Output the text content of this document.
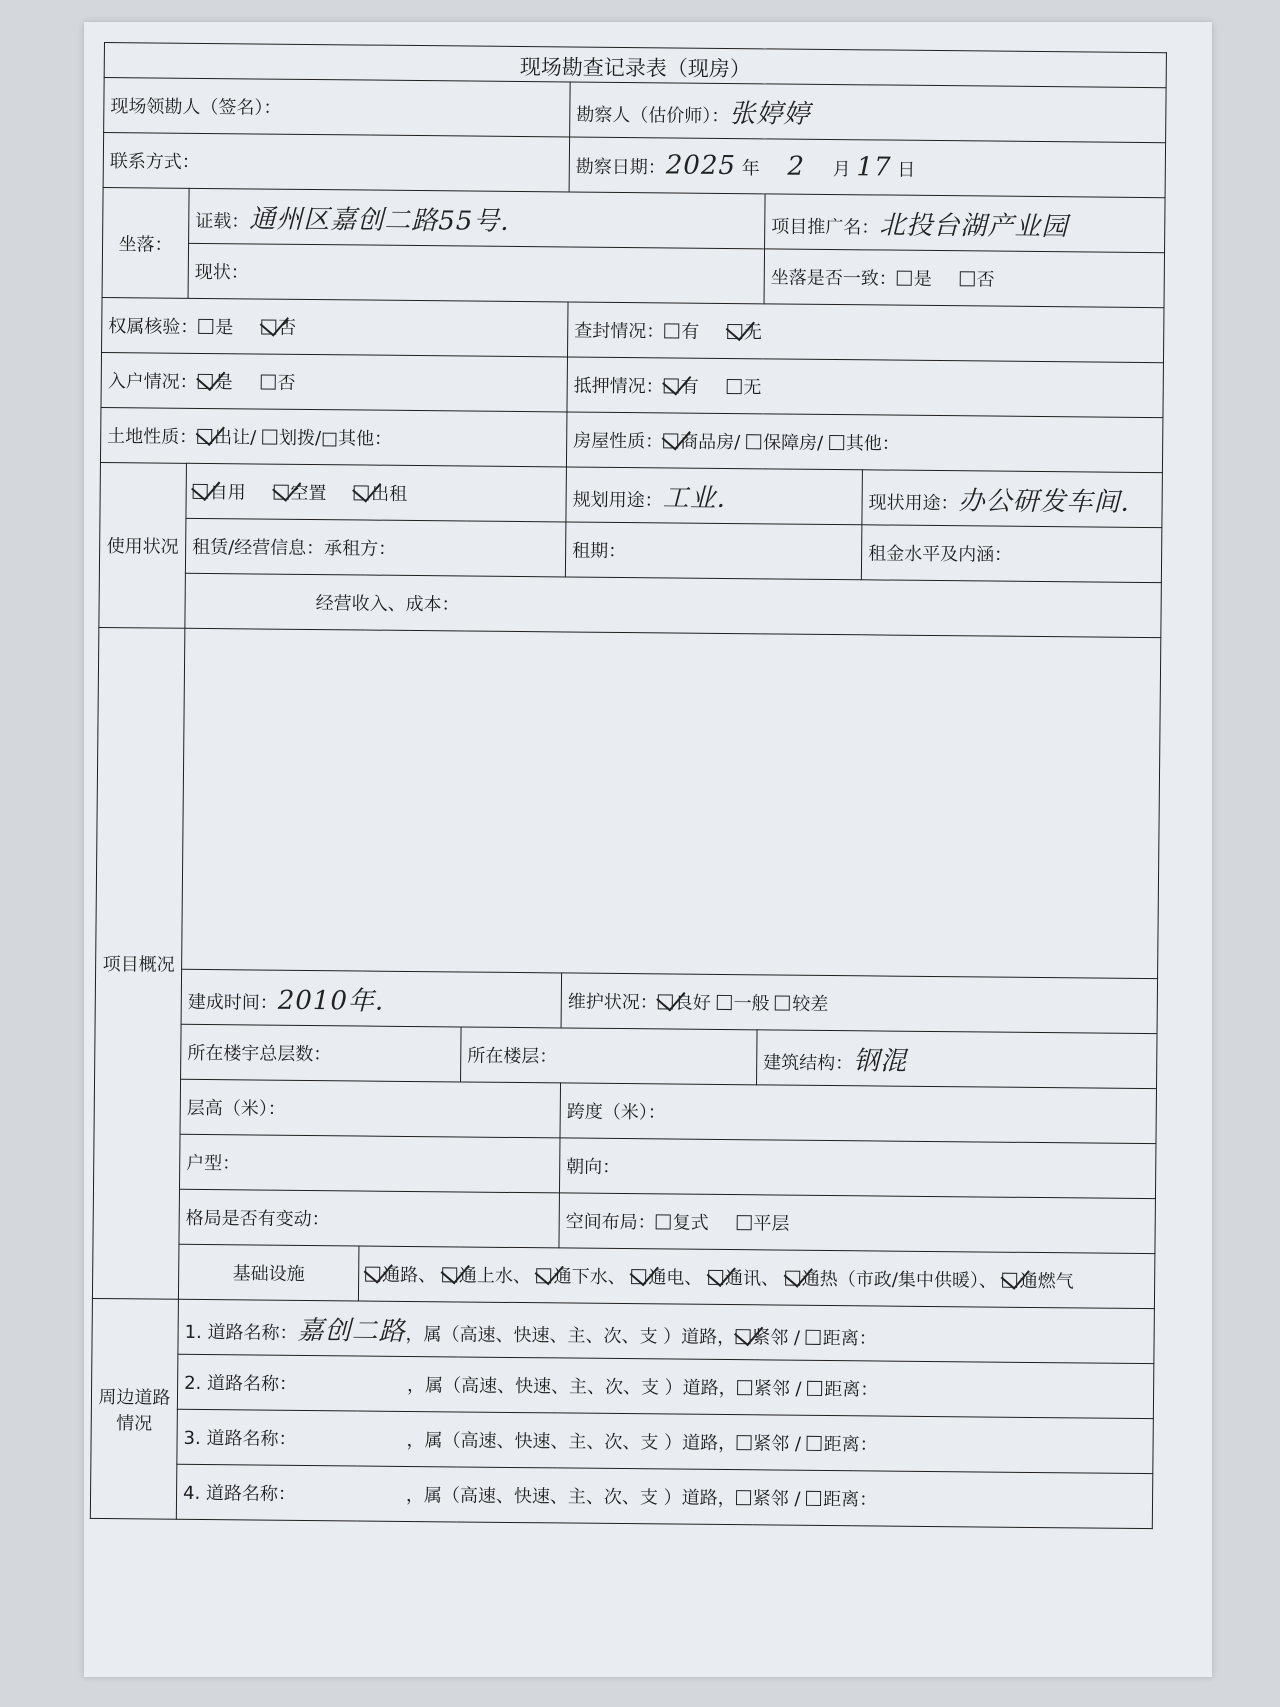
现场勘查记录表（现房）						
现场领勘人（签名）：				勘察人（估价师）：张婷婷		
联系方式：				勘察日期：2025 年 2 月 17 日		
坐落：	证载：通州区嘉创二路55号.				项目推广名：北投台湖产业园	
	现状：				坐落是否一致： 是 否	
权属核验： 是 否				查封情况： 有 无		
入户情况： 是 否				抵押情况： 有 无		
土地性质： 出让/ 划拨/□其他：				房屋性质： 商品房/ 保障房/ 其他：		
使用状况	自用 空置 出租			规划用途：工业.		现状用途：办公研发车间.
	租赁/经营信息：承租方：			租期：		租金水平及内涵：
	经营收入、成本：					
项目概况						
	建成时间：2010年.			维护状况： 良好 一般 较差		
	所在楼宇总层数：		所在楼层：		建筑结构：钢混	
	层高（米）：			跨度（米）：		
	户型：			朝向：		
	格局是否有变动：			空间布局： 复式 平层		
	基础设施	通路、 通上水、 通下水、 通电、 通讯、 通热（市政/集中供暖）、 通燃气				
周边道路情况	1. 道路名称：嘉创二路，属（高速、快速、主、次、支 ）道路， 紧邻 / 距离：					
	2. 道路名称： ，属（高速、快速、主、次、支 ）道路， 紧邻 / 距离：					
	3. 道路名称： ，属（高速、快速、主、次、支 ）道路， 紧邻 / 距离：					
	4. 道路名称： ，属（高速、快速、主、次、支 ）道路， 紧邻 / 距离：					
